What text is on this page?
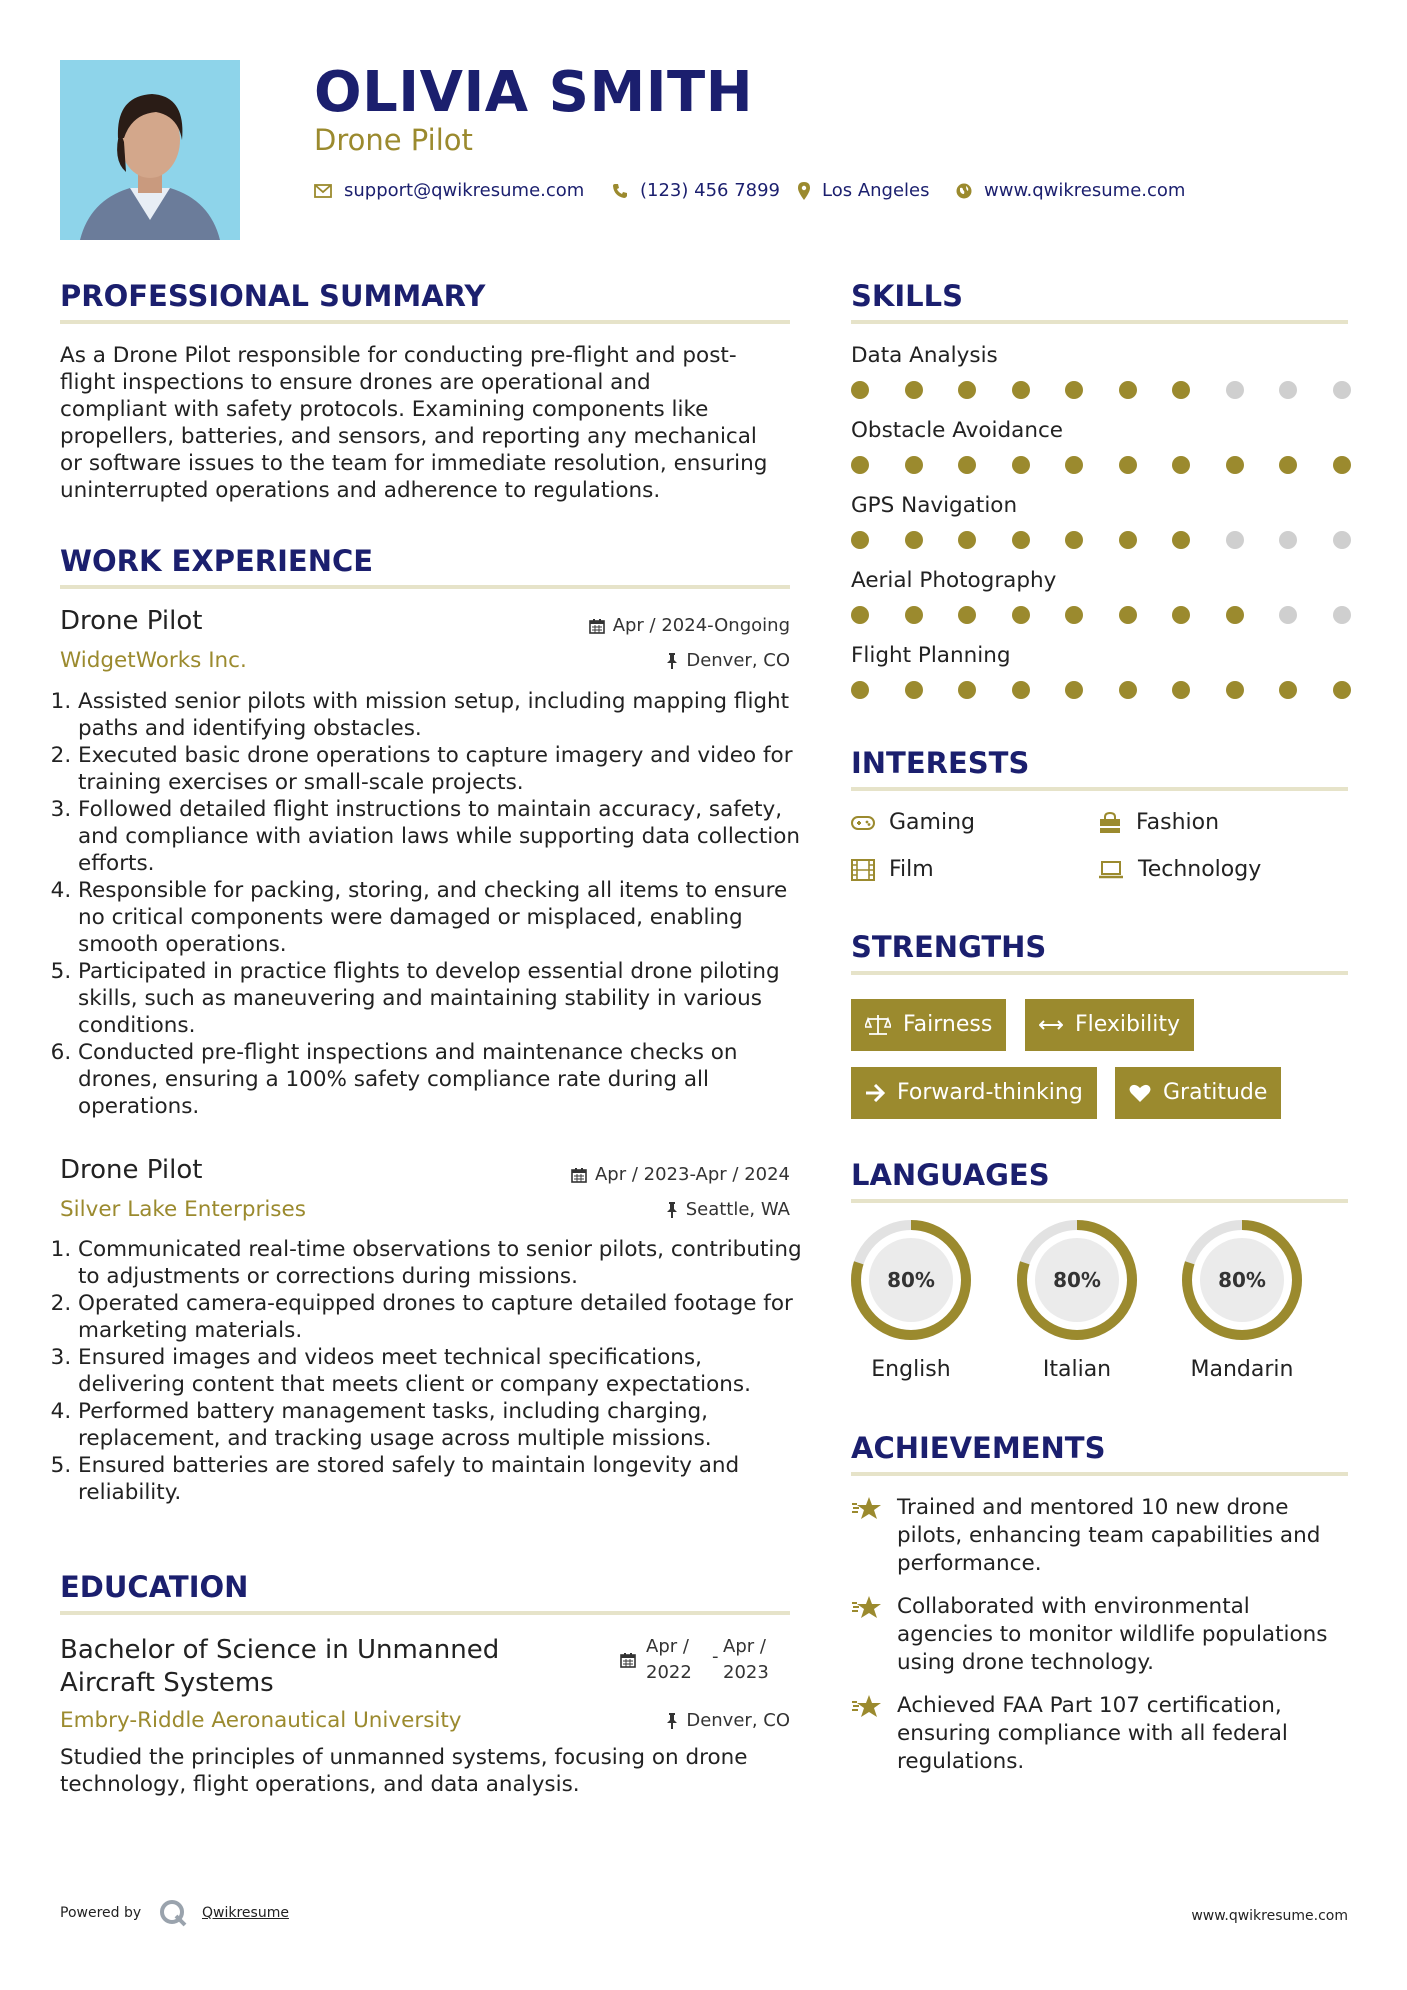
OLIVIA SMITH
Drone Pilot
support@qwikresume.com	(123) 456 7899 Los Angeles	www.qwikresume.com
PROFESSIONAL SUMMARY
As a Drone Pilot responsible for conducting pre-flight and post-
flight inspections to ensure drones are operational and
compliant with safety protocols. Examining components like
propellers, batteries, and sensors, and reporting any mechanical
or software issues to the team for immediate resolution, ensuring
uninterrupted operations and adherence to regulations.
WORK EXPERIENCE
Drone Pilot	Apr / 2024-Ongoing
WidgetWorks Inc.	Denver, CO
1. Assisted senior pilots with mission setup, including mapping flight paths and identifying obstacles.
2. Executed basic drone operations to capture imagery and video for training exercises or small-scale projects.
3. Followed detailed flight instructions to maintain accuracy, safety, and compliance with aviation laws while supporting data collection efforts.
4. Responsible for packing, storing, and checking all items to ensure no critical components were damaged or misplaced, enabling smooth operations.
5. Participated in practice flights to develop essential drone piloting skills, such as maneuvering and maintaining stability in various conditions.
6. Conducted pre-flight inspections and maintenance checks on drones, ensuring a 100% safety compliance rate during all operations.
Drone Pilot	Apr / 2023-Apr / 2024
Silver Lake Enterprises	Seattle, WA
1. Communicated real-time observations to senior pilots, contributing to adjustments or corrections during missions.
2. Operated camera-equipped drones to capture detailed footage for marketing materials.
3. Ensured images and videos meet technical specifications, delivering content that meets client or company expectations.
4. Performed battery management tasks, including charging, replacement, and tracking usage across multiple missions.
5. Ensured batteries are stored safely to maintain longevity and reliability.
EDUCATION
Bachelor of Science in Unmanned
Aircraft Systems
Apr /
2022
- Apr /
2023
Embry-Riddle Aeronautical University	Denver, CO
Studied the principles of unmanned systems, focusing on drone
technology, flight operations, and data analysis.
SKILLS
Data Analysis
Obstacle Avoidance
GPS Navigation
Aerial Photography
Flight Planning
INTERESTS
Gaming	Fashion
Film	Technology
STRENGTHS
Fairness	Flexibility
Forward-thinking	Gratitude
LANGUAGES
80%
English
80%
Italian
80%
Mandarin
ACHIEVEMENTS
Trained and mentored 10 new drone
pilots, enhancing team capabilities and
performance.
Collaborated with environmental
agencies to monitor wildlife populations
using drone technology.
Achieved FAA Part 107 certification,
ensuring compliance with all federal
regulations.
Powered by	Qwikresume	www.qwikresume.com
